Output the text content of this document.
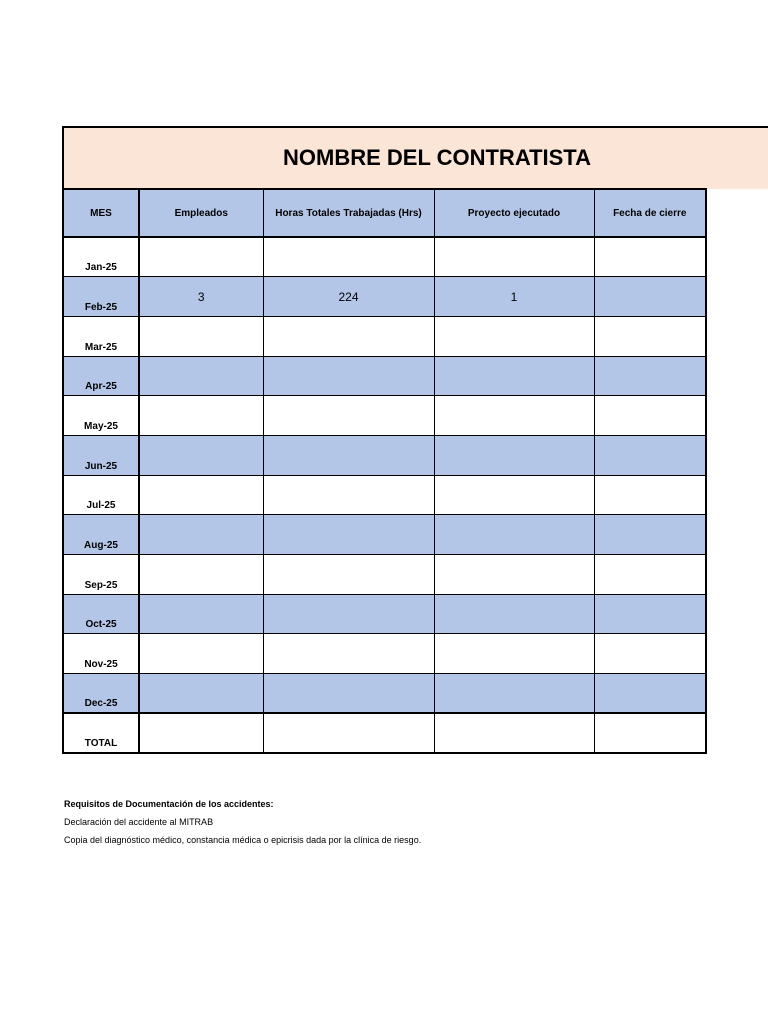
NOMBRE DEL CONTRATISTA
MES	Empleados	Horas Totales Trabajadas (Hrs)	Proyecto ejecutado	Fecha de cierre
Jan-25				
Feb-25	3	224	1	
Mar-25				
Apr-25				
May-25				
Jun-25				
Jul-25				
Aug-25				
Sep-25				
Oct-25				
Nov-25				
Dec-25				
TOTAL				
Requisitos de Documentación de los accidentes:
Declaración del accidente al MITRAB
Copia del diagnóstico médico, constancia médica o epicrisis dada por la clínica de riesgo.
